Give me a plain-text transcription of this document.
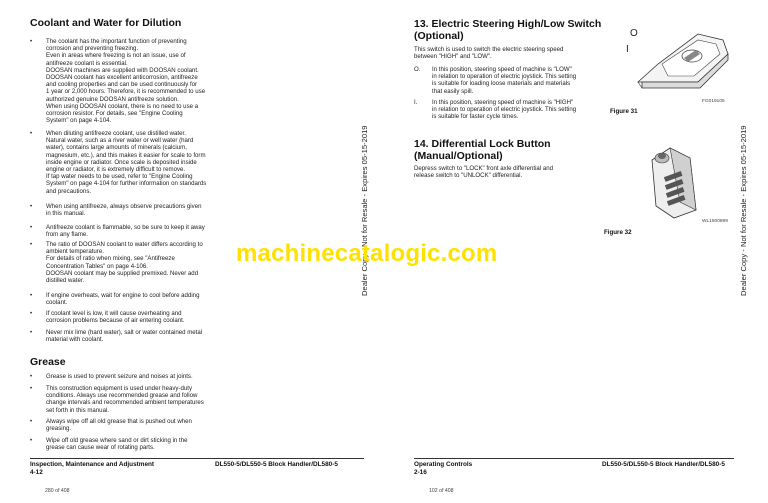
Coolant and Water for Dilution
• The coolant has the important function of preventing
corrosion and preventing freezing.
Even in areas where freezing is not an issue, use of
antifreeze coolant is essential.
DOOSAN machines are supplied with DOOSAN coolant.
DOOSAN coolant has excellent anticorrosion, antifreeze
and cooling properties and can be used continuously for
1 year or 2,000 hours. Therefore, it is recommended to use
authorized genuine DOOSAN antifreeze solution.
When using DOOSAN coolant, there is no need to use a
corrosion resistor. For details, see "Engine Cooling
System" on page 4-104.
• When diluting antifreeze coolant, use distilled water.
Natural water, such as a river water or well water (hard
water), contains large amounts of minerals (calcium,
magnesium, etc.), and this makes it easier for scale to form
inside engine or radiator. Once scale is deposited inside
engine or radiator, it is extremely difficult to remove.
If tap water needs to be used, refer to "Engine Cooling
System" on page 4-104 for further information on standards
and precautions.
• When using antifreeze, always observe precautions given
in this manual.
• Antifreeze coolant is flammable, so be sure to keep it away
from any flame.
• The ratio of DOOSAN coolant to water differs according to
ambient temperature.
For details of ratio when mixing, see "Antifreeze
Concentration Tables" on page 4-106.
DOOSAN coolant may be supplied premixed. Never add
distilled water.
• If engine overheats, wait for engine to cool before adding
coolant.
• If coolant level is low, it will cause overheating and
corrosion problems because of air entering coolant.
• Never mix lime (hard water), salt or water contained metal
material with coolant.
Grease
• Grease is used to prevent seizure and noises at joints.
• This construction equipment is used under heavy-duty
conditions. Always use recommended grease and follow
change intervals and recommended ambient temperatures
set forth in this manual.
• Always wipe off all old grease that is pushed out when
greasing.
• Wipe off old grease where sand or dirt sticking in the
grease can cause wear of rotating parts.
Inspection, Maintenance and Adjustment
4-12
DL550-5/DL550-5 Block Handler/DL580-5
280 of 408
Dealer Copy - Not for Resale - Expires 05-15-2019
13. Electric Steering High/Low Switch
(Optional)
This switch is used to switch the electric steering speed
between "HIGH" and "LOW".
O. In this position, steering speed of machine is "LOW"
in relation to operation of electric joystick. This setting
is suitable for loading loose materials and materials
that easily spill.
I. In this position, steering speed of machine is "HIGH"
in relation to operation of electric joystick. This setting
is suitable for faster cycle times.
O
I
FG019105
Figure 31
14. Differential Lock Button
(Manual/Optional)
Depress switch to "LOCK" front axle differential and
release switch to "UNLOCK" differential.
WL1500899
Figure 32
Operating Controls
2-16
DL550-5/DL550-5 Block Handler/DL580-5
102 of 408
Dealer Copy - Not for Resale - Expires 05-15-2019
machinecatalogic.com
